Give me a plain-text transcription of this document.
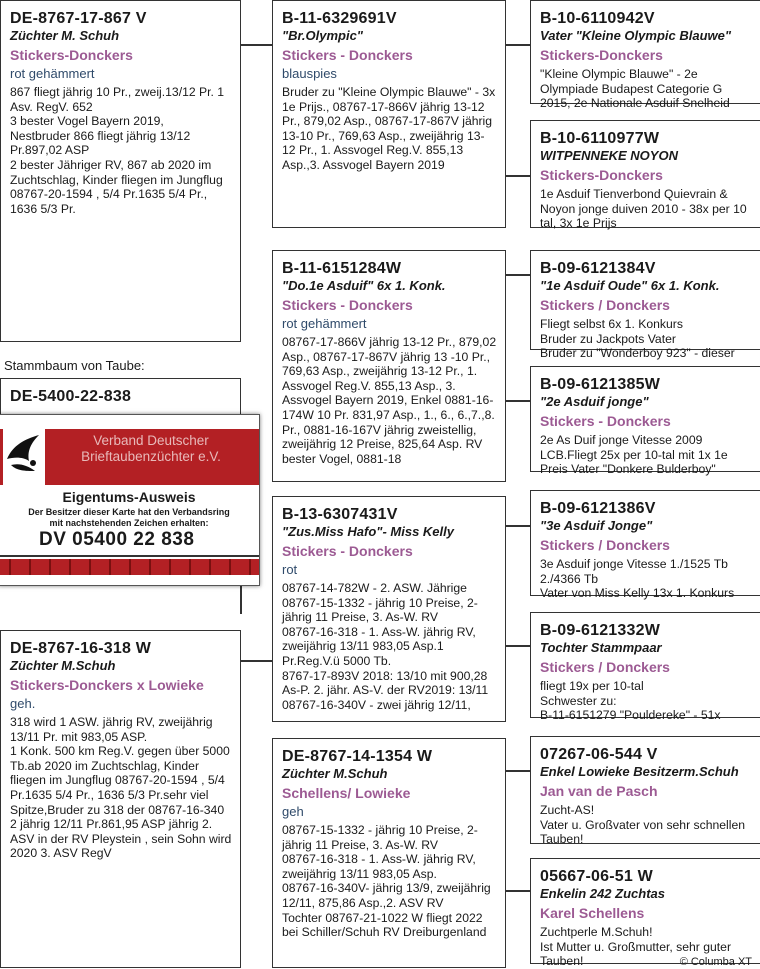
DE-8767-17-867 V
Züchter M. Schuh
Stickers-Donckers
rot gehämmert
867 fliegt jährig 10 Pr., zweij.13/12 Pr. 1 Asv. RegV. 652
3 bester Vogel Bayern 2019,
Nestbruder 866 fliegt jährig 13/12 Pr.897,02 ASP
2 bester Jähriger RV, 867 ab 2020 im Zuchtschlag, Kinder fliegen im Jungflug 08767-20-1594 , 5/4 Pr.1635 5/4 Pr., 1636 5/3 Pr.
Stammbaum von Taube:
DE-5400-22-838
Verband Deutscher
Brieftaubenzüchter e.V.
Eigentums-Ausweis
Der Besitzer dieser Karte hat den Verbandsring
mit nachstehenden Zeichen erhalten:
DV 05400 22 838
DE-8767-16-318 W
Züchter M.Schuh
Stickers-Donckers x Lowieke
geh.
318 wird 1 ASW. jährig RV, zweijährig 13/11 Pr. mit 983,05 ASP.
1 Konk. 500 km Reg.V. gegen über 5000 Tb.ab 2020 im Zuchtschlag, Kinder fliegen im Jungflug 08767-20-1594 , 5/4 Pr.1635 5/4 Pr., 1636 5/3 Pr.sehr viel Spitze,Bruder zu 318 der 08767-16-340 2 jährig 12/11 Pr.861,95 ASP jährig 2. ASV in der RV Pleystein , sein Sohn wird 2020 3. ASV RegV
B-11-6329691V
"Br.Olympic"
Stickers - Donckers
blauspies
Bruder zu "Kleine Olympic Blauwe" - 3x 1e Prijs., 08767-17-866V jährig 13-12 Pr., 879,02 Asp., 08767-17-867V jährig 13-10 Pr., 769,63 Asp., zweijährig 13-12 Pr., 1. Assvogel Reg.V. 855,13 Asp.,3. Assvogel Bayern 2019
B-11-6151284W
"Do.1e Asduif" 6x 1. Konk.
Stickers - Donckers
rot gehämmert
08767-17-866V jährig 13-12 Pr., 879,02 Asp., 08767-17-867V jährig 13 -10 Pr., 769,63 Asp., zweijährig 13-12 Pr., 1. Assvogel Reg.V. 855,13 Asp., 3. Assvogel Bayern 2019, Enkel 0881-16-174W 10 Pr. 831,97 Asp., 1., 6., 6.,7.,8. Pr., 0881-16-167V jährig zweistellig, zweijährig 12 Preise, 825,64 Asp. RV bester Vogel, 0881-18
B-13-6307431V
"Zus.Miss Hafo"- Miss Kelly
Stickers - Donckers
rot
08767-14-782W - 2. ASW. Jährige
08767-15-1332 - jährig 10 Preise, 2-jährig 11 Preise, 3. As-W. RV
08767-16-318 - 1. Ass-W. jährig RV, zweijährig 13/11 983,05 Asp.1 Pr.Reg.V.ü 5000 Tb.
8767-17-893V 2018: 13/10 mit 900,28 As-P. 2. jähr. AS-V. der RV2019: 13/11
08767-16-340V - zwei jährig 12/11,
DE-8767-14-1354 W
Züchter M.Schuh
Schellens/ Lowieke
geh
08767-15-1332 - jährig 10 Preise, 2-jährig 11 Preise, 3. As-W. RV
08767-16-318 - 1. Ass-W. jährig RV, zweijährig 13/11 983,05 Asp.
08767-16-340V- jährig 13/9, zweijährig 12/11, 875,86 Asp.,2. ASV RV
Tochter 08767-21-1022 W fliegt 2022 bei Schiller/Schuh RV Dreiburgenland
B-10-6110942V
Vater "Kleine Olympic Blauwe"
Stickers-Donckers
"Kleine Olympic Blauwe" - 2e Olympiade Budapest Categorie G 2015, 2e Nationale Asduif Snelheid
B-10-6110977W
WITPENNEKE NOYON
Stickers-Donckers
1e Asduif Tienverbond Quievrain & Noyon jonge duiven 2010 - 38x per 10 tal, 3x 1e Prijs
B-09-6121384V
"1e Asduif Oude" 6x 1. Konk.
Stickers / Donckers
Fliegt selbst 6x 1. Konkurs
Bruder zu Jackpots Vater
Bruder zu "Wonderboy 923" - dieser
B-09-6121385W
"2e Asduif jonge"
Stickers - Donckers
2e As Duif jonge Vitesse 2009 LCB.Fliegt 25x per 10-tal mit 1x 1e Preis Vater "Donkere Bulderboy"
B-09-6121386V
"3e Asduif Jonge"
Stickers / Donckers
3e Asduif jonge Vitesse 1./1525 Tb 2./4366 Tb
Vater von Miss Kelly 13x 1. Konkurs
B-09-6121332W
Tochter Stammpaar
Stickers / Donckers
fliegt 19x per 10-tal
Schwester zu:
B-11-6151279 "Pouldereke" - 51x
07267-06-544 V
Enkel Lowieke Besitzerm.Schuh
Jan van de Pasch
Zucht-AS!
Vater u. Großvater von sehr schnellen Tauben!
05667-06-51 W
Enkelin 242 Zuchtas
Karel Schellens
Zuchtperle M.Schuh!
Ist Mutter u. Großmutter, sehr guter Tauben!	© Columba XT
